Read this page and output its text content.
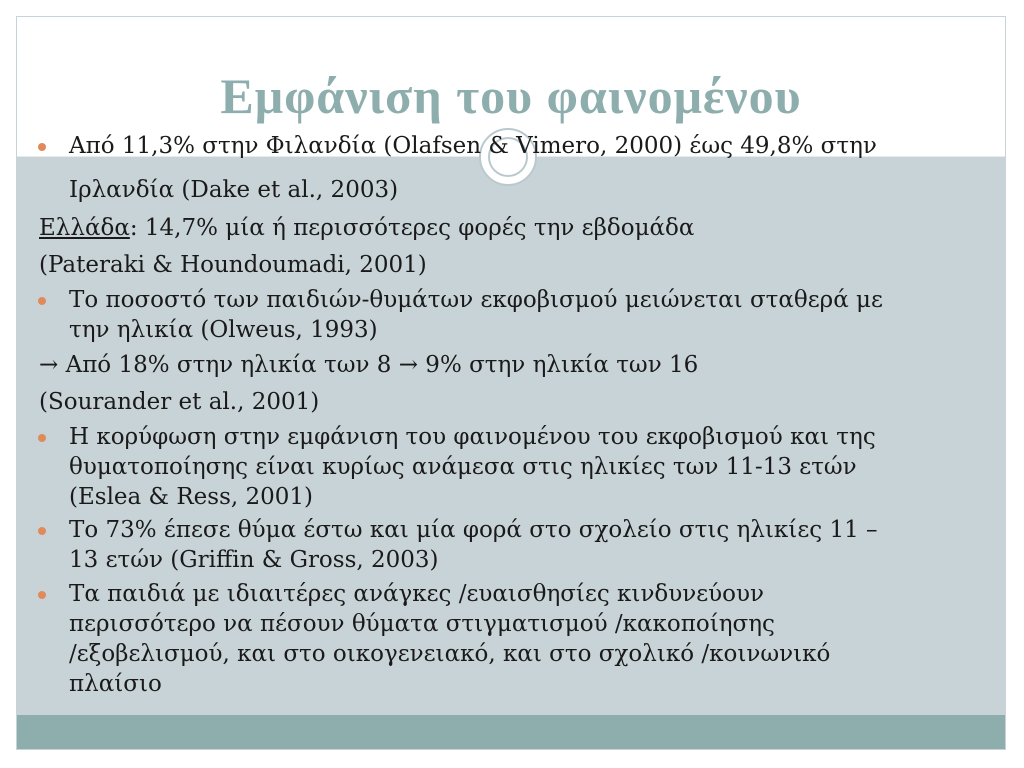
Εμφάνιση του φαινομένου
Από 11,3% στην Φιλανδία (Olafsen & Vimero, 2000) έως 49,8% στην
Ιρλανδία (Dake et al., 2003)
Ελλάδα: 14,7% μία ή περισσότερες φορές την εβδομάδα
(Pateraki & Houndoumadi, 2001)
Το ποσοστό των παιδιών-θυμάτων εκφοβισμού μειώνεται σταθερά με
την ηλικία (Olweus, 1993)
→ Από 18% στην ηλικία των 8 → 9% στην ηλικία των 16
(Sourander et al., 2001)
Η κορύφωση στην εμφάνιση του φαινομένου του εκφοβισμού και της
θυματοποίησης είναι κυρίως ανάμεσα στις ηλικίες των 11-13 ετών
(Eslea & Ress, 2001)
Το 73% έπεσε θύμα έστω και μία φορά στο σχολείο στις ηλικίες 11 –
13 ετών (Griffin & Gross, 2003)
Τα παιδιά με ιδιαιτέρες ανάγκες /ευαισθησίες κινδυνεύουν
περισσότερο να πέσουν θύματα στιγματισμού /κακοποίησης
/εξοβελισμού, και στο οικογενειακό, και στο σχολικό /κοινωνικό
πλαίσιο
